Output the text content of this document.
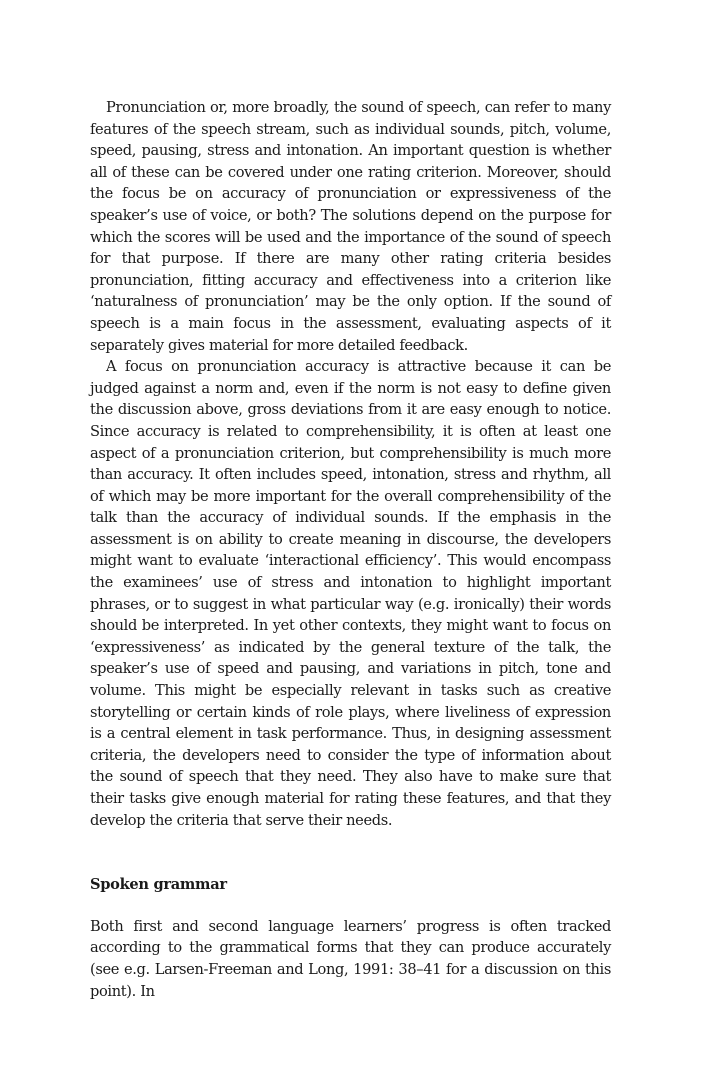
Pronunciation or, more broadly, the sound of speech, can refer to many features of the speech stream, such as individual sounds, pitch, volume, speed, pausing, stress and intonation. An important question is whether all of these can be covered under one rating criterion. Moreover, should the focus be on accuracy of pronunciation or expressiveness of the speaker’s use of voice, or both? The solutions depend on the purpose for which the scores will be used and the importance of the sound of speech for that purpose. If there are many other rating criteria besides pronunciation, fitting accuracy and effectiveness into a criterion like ‘naturalness of pronunciation’ may be the only option. If the sound of speech is a main focus in the assessment, evaluating aspects of it separately gives material for more detailed feedback.

A focus on pronunciation accuracy is attractive because it can be judged against a norm and, even if the norm is not easy to define given the discussion above, gross deviations from it are easy enough to notice. Since accuracy is related to comprehensibility, it is often at least one aspect of a pronunciation criterion, but comprehensibility is much more than accuracy. It often includes speed, intonation, stress and rhythm, all of which may be more important for the overall comprehensibility of the talk than the accuracy of individual sounds. If the emphasis in the assessment is on ability to create meaning in discourse, the developers might want to evaluate ‘interactional efficiency’. This would encompass the examinees’ use of stress and intonation to highlight important phrases, or to suggest in what particular way (e.g. ironically) their words should be interpreted. In yet other contexts, they might want to focus on ‘expressiveness’ as indicated by the general texture of the talk, the speaker’s use of speed and pausing, and variations in pitch, tone and volume. This might be especially relevant in tasks such as creative storytelling or certain kinds of role plays, where liveliness of expression is a central element in task performance. Thus, in designing assessment criteria, the developers need to consider the type of information about the sound of speech that they need. They also have to make sure that their tasks give enough material for rating these features, and that they develop the criteria that serve their needs.

Spoken grammar

Both first and second language learners’ progress is often tracked according to the grammatical forms that they can produce accurately (see e.g. Larsen-Freeman and Long, 1991: 38–41 for a discussion on this point). In
